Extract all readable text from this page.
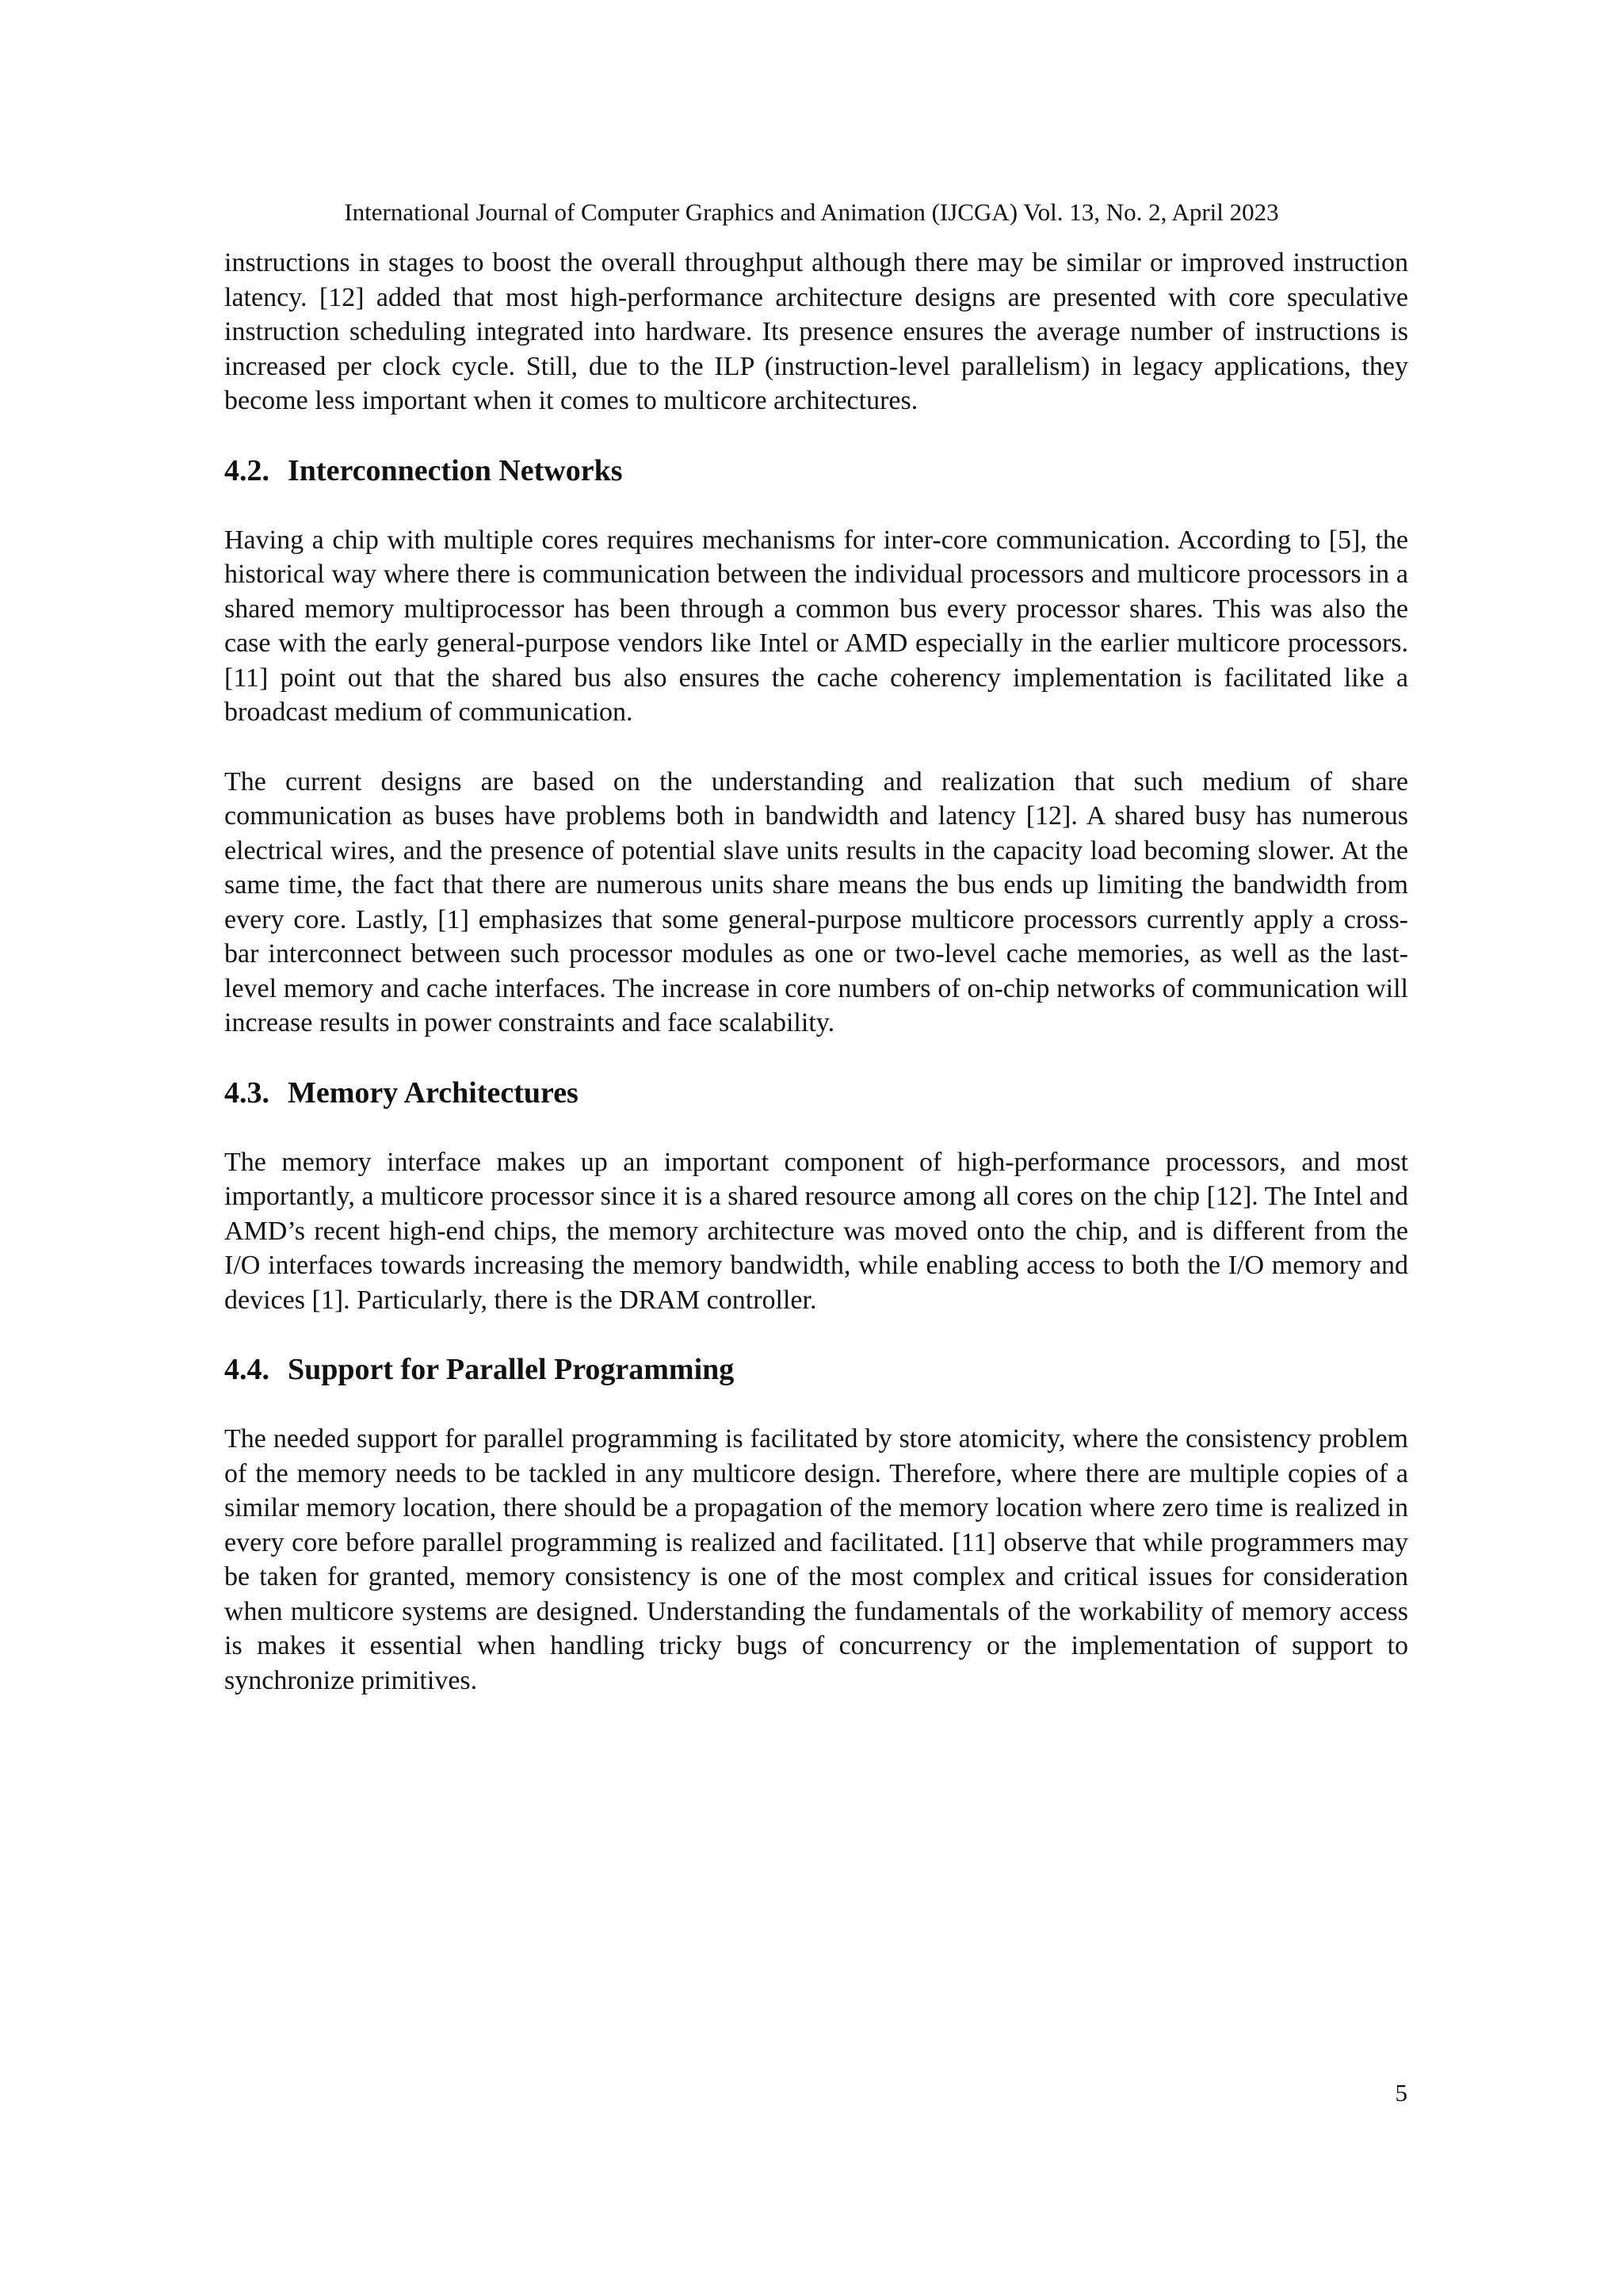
International Journal of Computer Graphics and Animation (IJCGA) Vol. 13, No. 2, April 2023

instructions in stages to boost the overall throughput although there may be similar or improved instruction latency. [12] added that most high-performance architecture designs are presented with core speculative instruction scheduling integrated into hardware. Its presence ensures the average number of instructions is increased per clock cycle. Still, due to the ILP (instruction-level parallelism) in legacy applications, they become less important when it comes to multicore architectures.

4.2. Interconnection Networks

Having a chip with multiple cores requires mechanisms for inter-core communication. According to [5], the historical way where there is communication between the individual processors and multicore processors in a shared memory multiprocessor has been through a common bus every processor shares. This was also the case with the early general-purpose vendors like Intel or AMD especially in the earlier multicore processors. [11] point out that the shared bus also ensures the cache coherency implementation is facilitated like a broadcast medium of communication.

The current designs are based on the understanding and realization that such medium of share communication as buses have problems both in bandwidth and latency [12]. A shared busy has numerous electrical wires, and the presence of potential slave units results in the capacity load becoming slower. At the same time, the fact that there are numerous units share means the bus ends up limiting the bandwidth from every core. Lastly, [1] emphasizes that some general-purpose multicore processors currently apply a cross-bar interconnect between such processor modules as one or two-level cache memories, as well as the last-level memory and cache interfaces. The increase in core numbers of on-chip networks of communication will increase results in power constraints and face scalability.

4.3. Memory Architectures

The memory interface makes up an important component of high-performance processors, and most importantly, a multicore processor since it is a shared resource among all cores on the chip [12]. The Intel and AMD’s recent high-end chips, the memory architecture was moved onto the chip, and is different from the I/O interfaces towards increasing the memory bandwidth, while enabling access to both the I/O memory and devices [1]. Particularly, there is the DRAM controller.

4.4. Support for Parallel Programming

The needed support for parallel programming is facilitated by store atomicity, where the consistency problem of the memory needs to be tackled in any multicore design. Therefore, where there are multiple copies of a similar memory location, there should be a propagation of the memory location where zero time is realized in every core before parallel programming is realized and facilitated. [11] observe that while programmers may be taken for granted, memory consistency is one of the most complex and critical issues for consideration when multicore systems are designed. Understanding the fundamentals of the workability of memory access is makes it essential when handling tricky bugs of concurrency or the implementation of support to synchronize primitives.

5
